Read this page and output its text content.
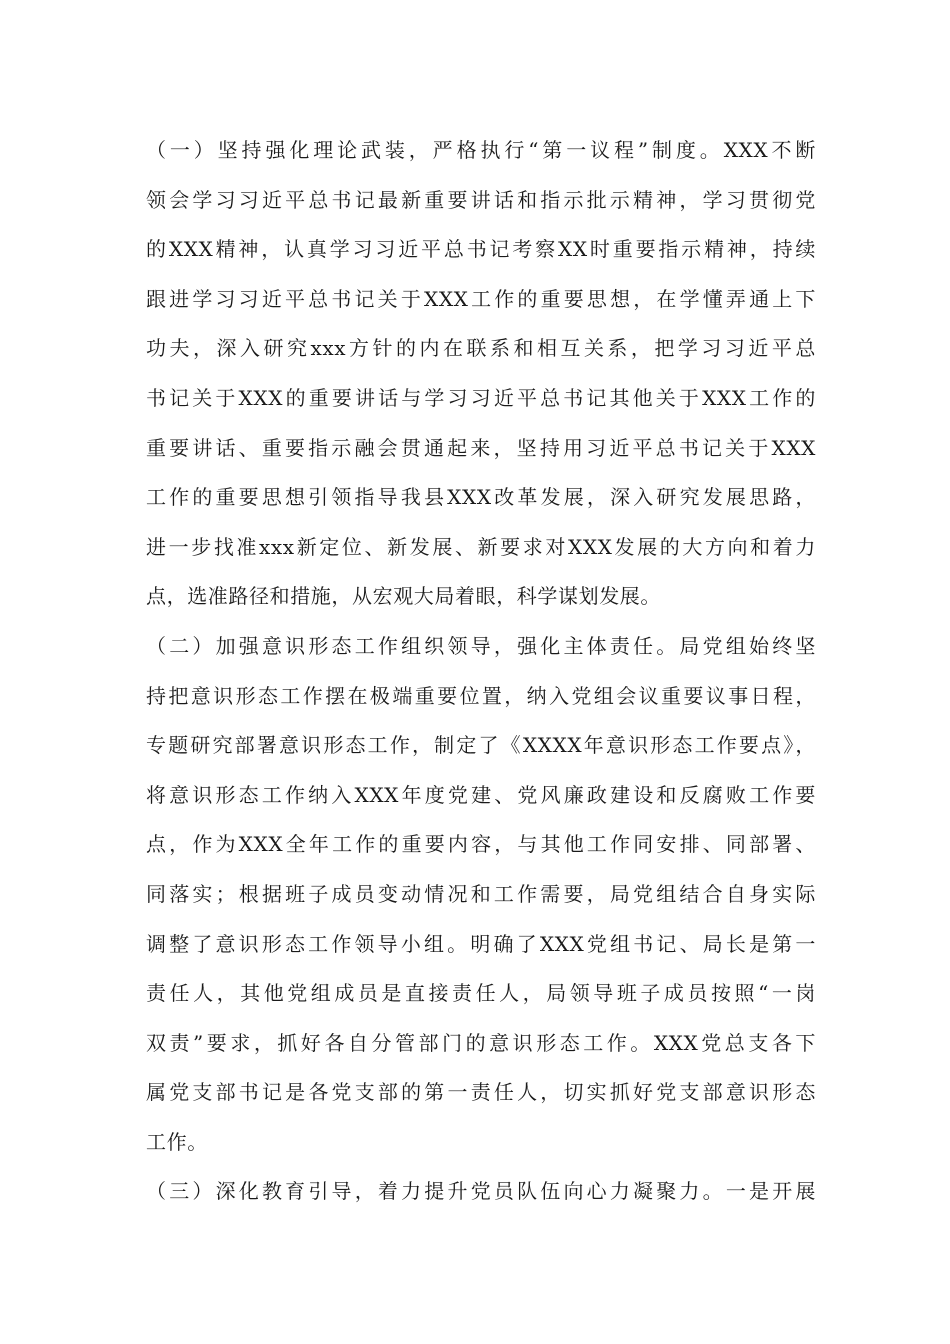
（一）坚持强化理论武装，严格执行“第一议程”制度。XXX不断
领会学习习近平总书记最新重要讲话和指示批示精神，学习贯彻党
的XXX精神，认真学习习近平总书记考察XX时重要指示精神，持续
跟进学习习近平总书记关于XXX工作的重要思想，在学懂弄通上下
功夫，深入研究xxx方针的内在联系和相互关系，把学习习近平总
书记关于XXX的重要讲话与学习习近平总书记其他关于XXX工作的
重要讲话、重要指示融会贯通起来，坚持用习近平总书记关于XXX
工作的重要思想引领指导我县XXX改革发展，深入研究发展思路，
进一步找准xxx新定位、新发展、新要求对XXX发展的大方向和着力
点，选准路径和措施，从宏观大局着眼，科学谋划发展。
（二）加强意识形态工作组织领导，强化主体责任。局党组始终坚
持把意识形态工作摆在极端重要位置，纳入党组会议重要议事日程，
专题研究部署意识形态工作，制定了《XXXX年意识形态工作要点》，
将意识形态工作纳入XXX年度党建、党风廉政建设和反腐败工作要
点，作为XXX全年工作的重要内容，与其他工作同安排、同部署、
同落实；根据班子成员变动情况和工作需要，局党组结合自身实际
调整了意识形态工作领导小组。明确了XXX党组书记、局长是第一
责任人，其他党组成员是直接责任人，局领导班子成员按照“一岗
双责”要求，抓好各自分管部门的意识形态工作。XXX党总支各下
属党支部书记是各党支部的第一责任人，切实抓好党支部意识形态
工作。
（三）深化教育引导，着力提升党员队伍向心力凝聚力。一是开展
